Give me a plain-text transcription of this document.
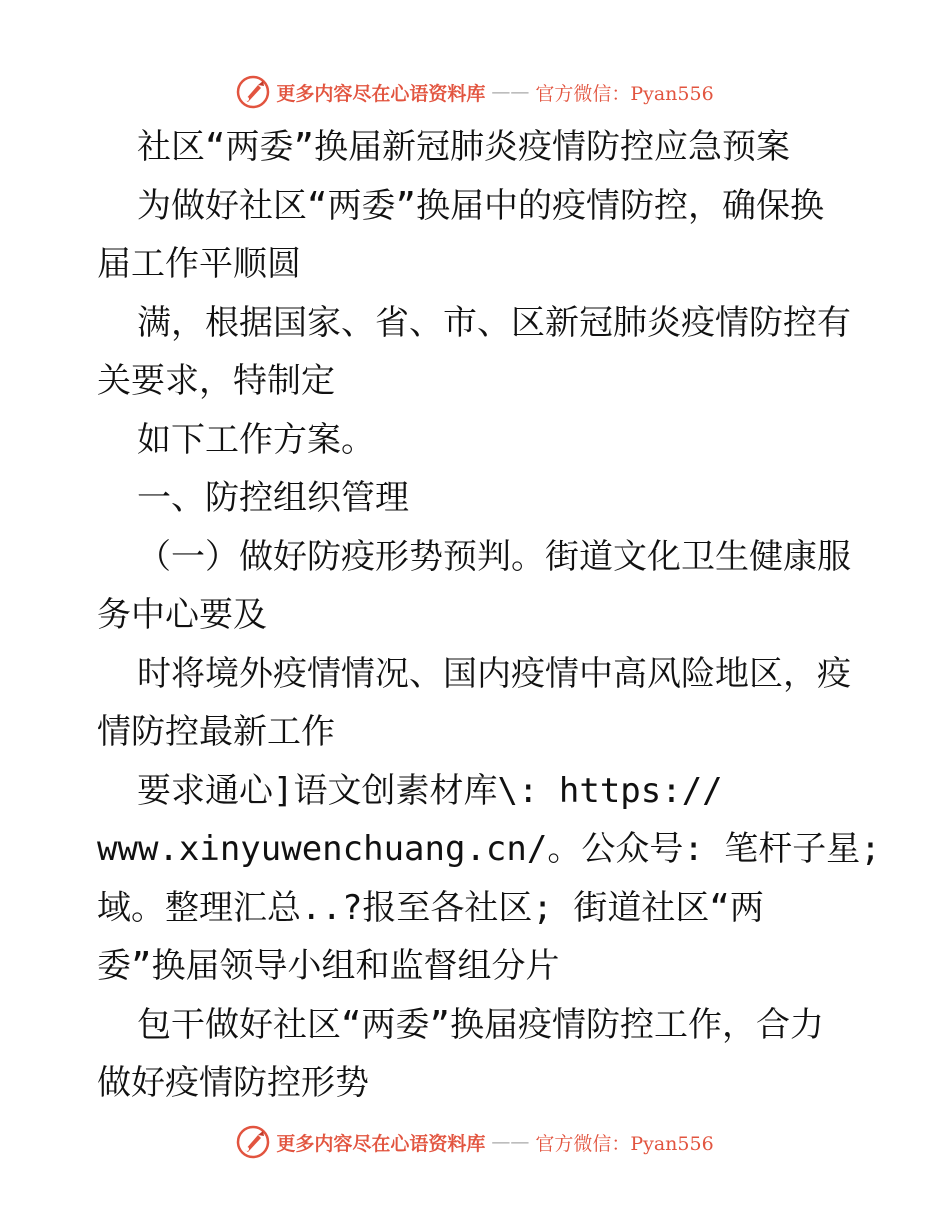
更多内容尽在心语资料库 —— 官方微信：Pyan556
社区“两委”换届新冠肺炎疫情防控应急预案
为做好社区“两委”换届中的疫情防控，确保换
届工作平顺圆
满，根据国家、省、市、区新冠肺炎疫情防控有
关要求，特制定
如下工作方案。
一、防控组织管理
（一）做好防疫形势预判。街道文化卫生健康服
务中心要及
时将境外疫情情况、国内疫情中高风险地区，疫
情防控最新工作
要求通心]语文创素材库\: https://
www.xinyuwenchuang.cn/。公众号: 笔杆子星;
域。整理汇总..?报至各社区; 街道社区“两
委”换届领导小组和监督组分片
包干做好社区“两委”换届疫情防控工作，合力
做好疫情防控形势
更多内容尽在心语资料库 —— 官方微信：Pyan556
